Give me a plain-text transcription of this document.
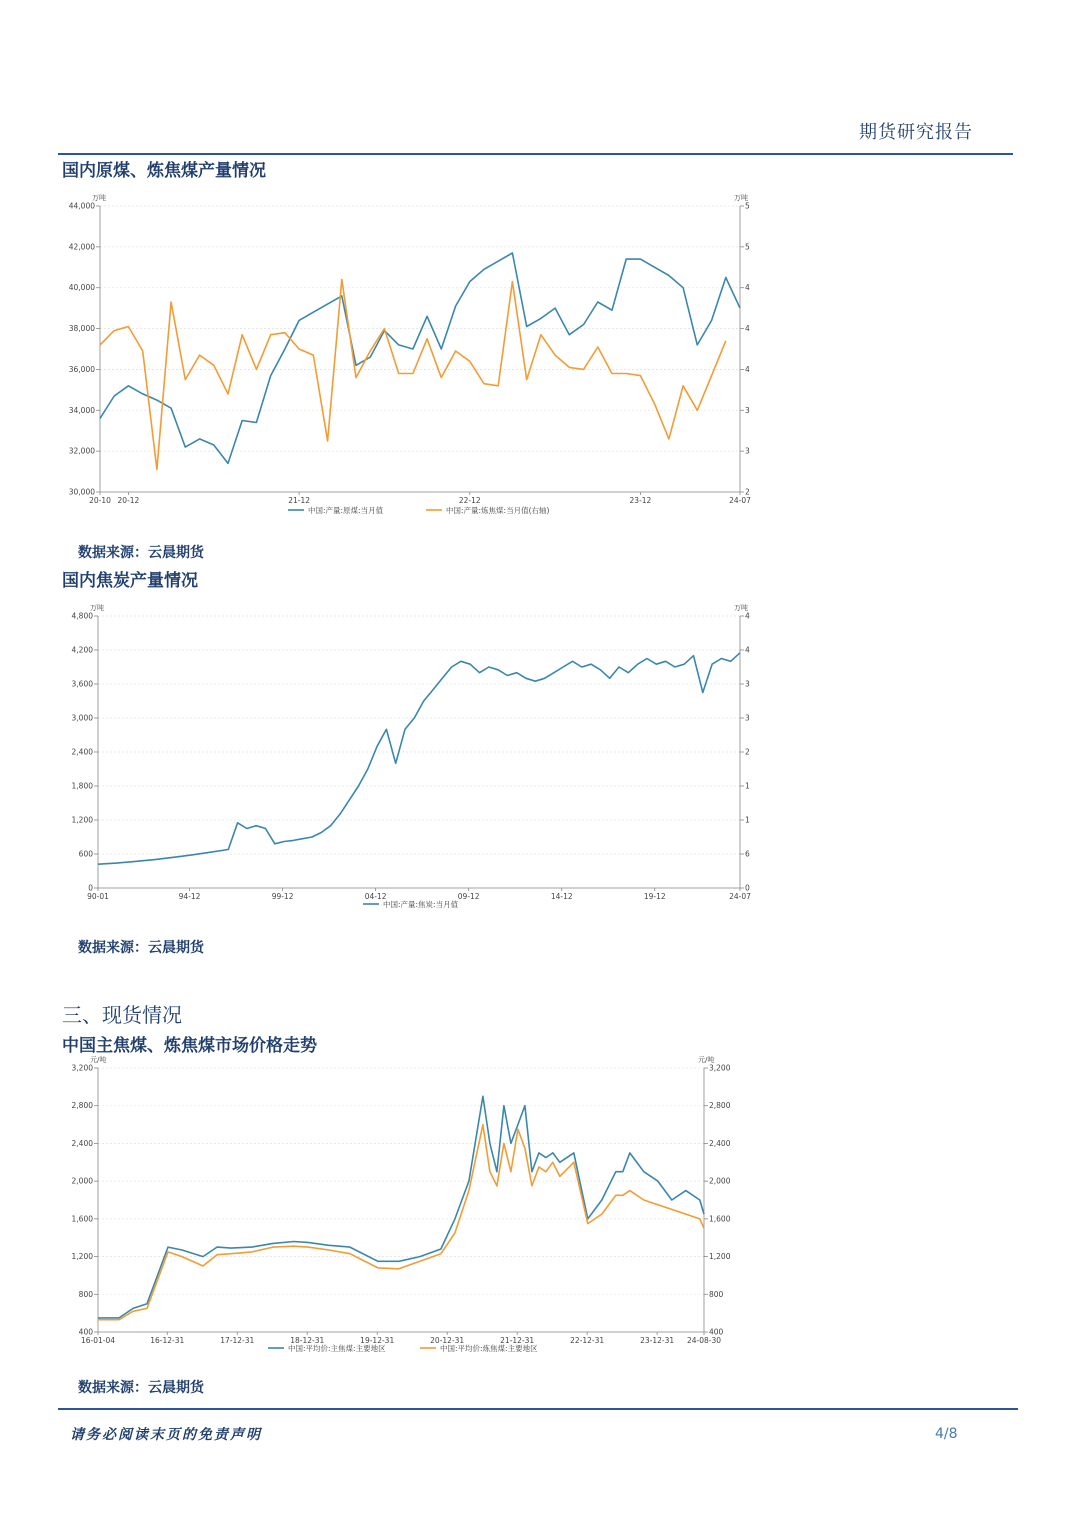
期货研究报告
国内原煤、炼焦煤产量情况
万吨	万吨
30,000	2
32,000	3
34,000	3
36,000	4
38,000	4
40,000	4
42,000	5
44,000	5
20-10 20-12	21-12	22-12	23-12	24-07
中国:产量:原煤:当月值	中国:产量:炼焦煤:当月值(右轴)
数据来源：云晨期货
国内焦炭产量情况
万吨	万吨
0	0
600	6
1,200	1
1,800	1
2,400	2
3,000	3
3,600	3
4,200	4
4,800	4
90-01	94-12	99-12	04-12	09-12	14-12	19-12	24-07
中国:产量:焦炭:当月值
数据来源：云晨期货
三、现货情况
中国主焦煤、炼焦煤市场价格走势
元/吨	元/吨
400	400
800	800
1,200	1,200
1,600	1,600
2,000	2,000
2,400	2,400
2,800	2,800
3,200	3,200
16-01-04	16-12-31	17-12-31	18-12-31	19-12-31	20-12-31	21-12-31	22-12-31	23-12-31 24-08-30
中国:平均价:主焦煤:主要地区	中国:平均价:炼焦煤:主要地区
数据来源：云晨期货
请务必阅读末页的免责声明	4/8
